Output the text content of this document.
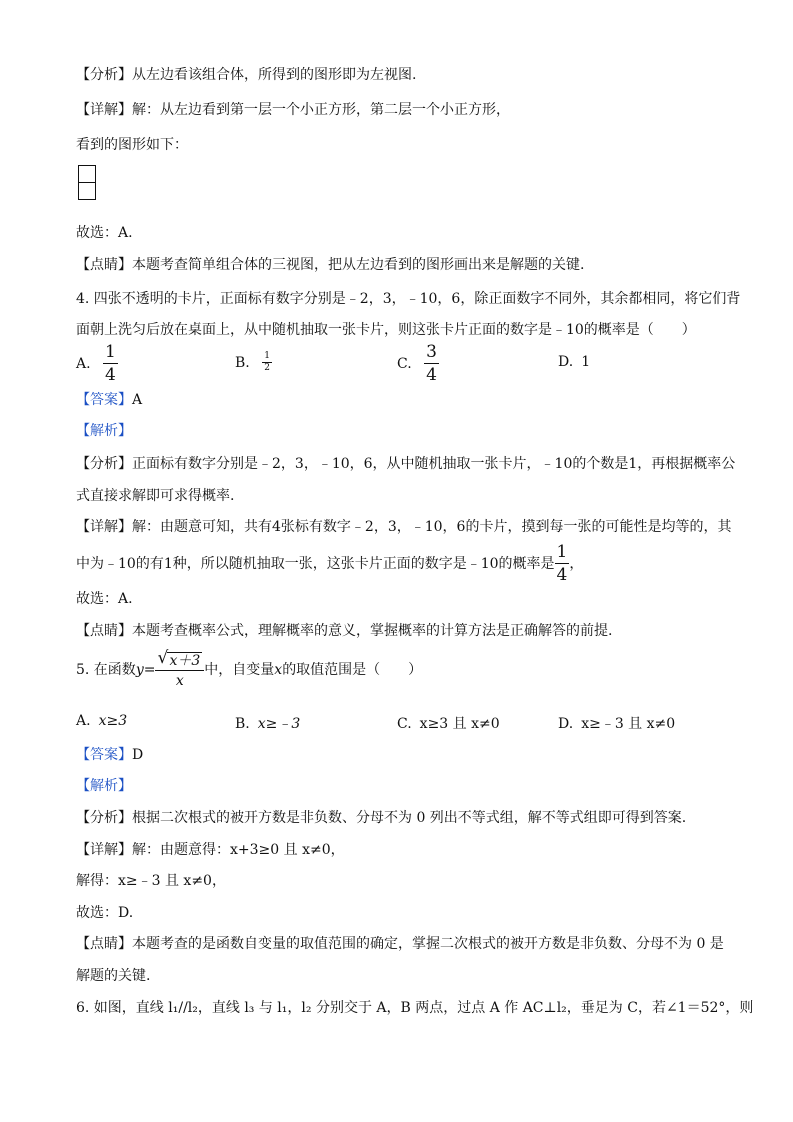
【分析】从左边看该组合体，所得到的图形即为左视图.
【详解】解：从左边看到第一层一个小正方形，第二层一个小正方形，
看到的图形如下：
故选：A.
【点睛】本题考查简单组合体的三视图，把从左边看到的图形画出来是解题的关键.
4. 四张不透明的卡片，正面标有数字分别是﹣2，3，﹣10，6，除正面数字不同外，其余都相同，将它们背
面朝上洗匀后放在桌面上，从中随机抽取一张卡片，则这张卡片正面的数字是﹣10的概率是（　　）
A. $\frac{1}{4}$	B. $\frac{1}{2}$	C. $\frac{3}{4}$	D. 1
【答案】A
【解析】
【分析】正面标有数字分别是﹣2，3，﹣10，6，从中随机抽取一张卡片，﹣10的个数是1，再根据概率公
式直接求解即可求得概率.
【详解】解：由题意可知，共有4张标有数字﹣2，3，﹣10，6的卡片，摸到每一张的可能性是均等的，其
中为﹣10的有1种，所以随机抽取一张，这张卡片正面的数字是﹣10的概率是 $\frac{1}{4}$ ，
故选：A.
【点睛】本题考查概率公式，理解概率的意义，掌握概率的计算方法是正确解答的前提.
5. 在函数$y= \frac{√ x+3}{x}$ 中，自变量x的取值范围是（　　）
A. x≥3	B. x≥﹣3	C. x≥3 且 x≠0	D. x≥﹣3 且 x≠0
【答案】D
【解析】
【分析】根据二次根式的被开方数是非负数、分母不为 0 列出不等式组，解不等式组即可得到答案.
【详解】解：由题意得：x+3≥0 且 x≠0，
解得：x≥﹣3 且 x≠0，
故选：D.
【点睛】本题考查的是函数自变量的取值范围的确定，掌握二次根式的被开方数是非负数、分母不为 0 是
解题的关键.
6. 如图，直线 l₁//l₂，直线 l₃ 与 l₁，l₂ 分别交于 A，B 两点，过点 A 作 AC⊥l₂，垂足为 C，若∠1＝52°，则
